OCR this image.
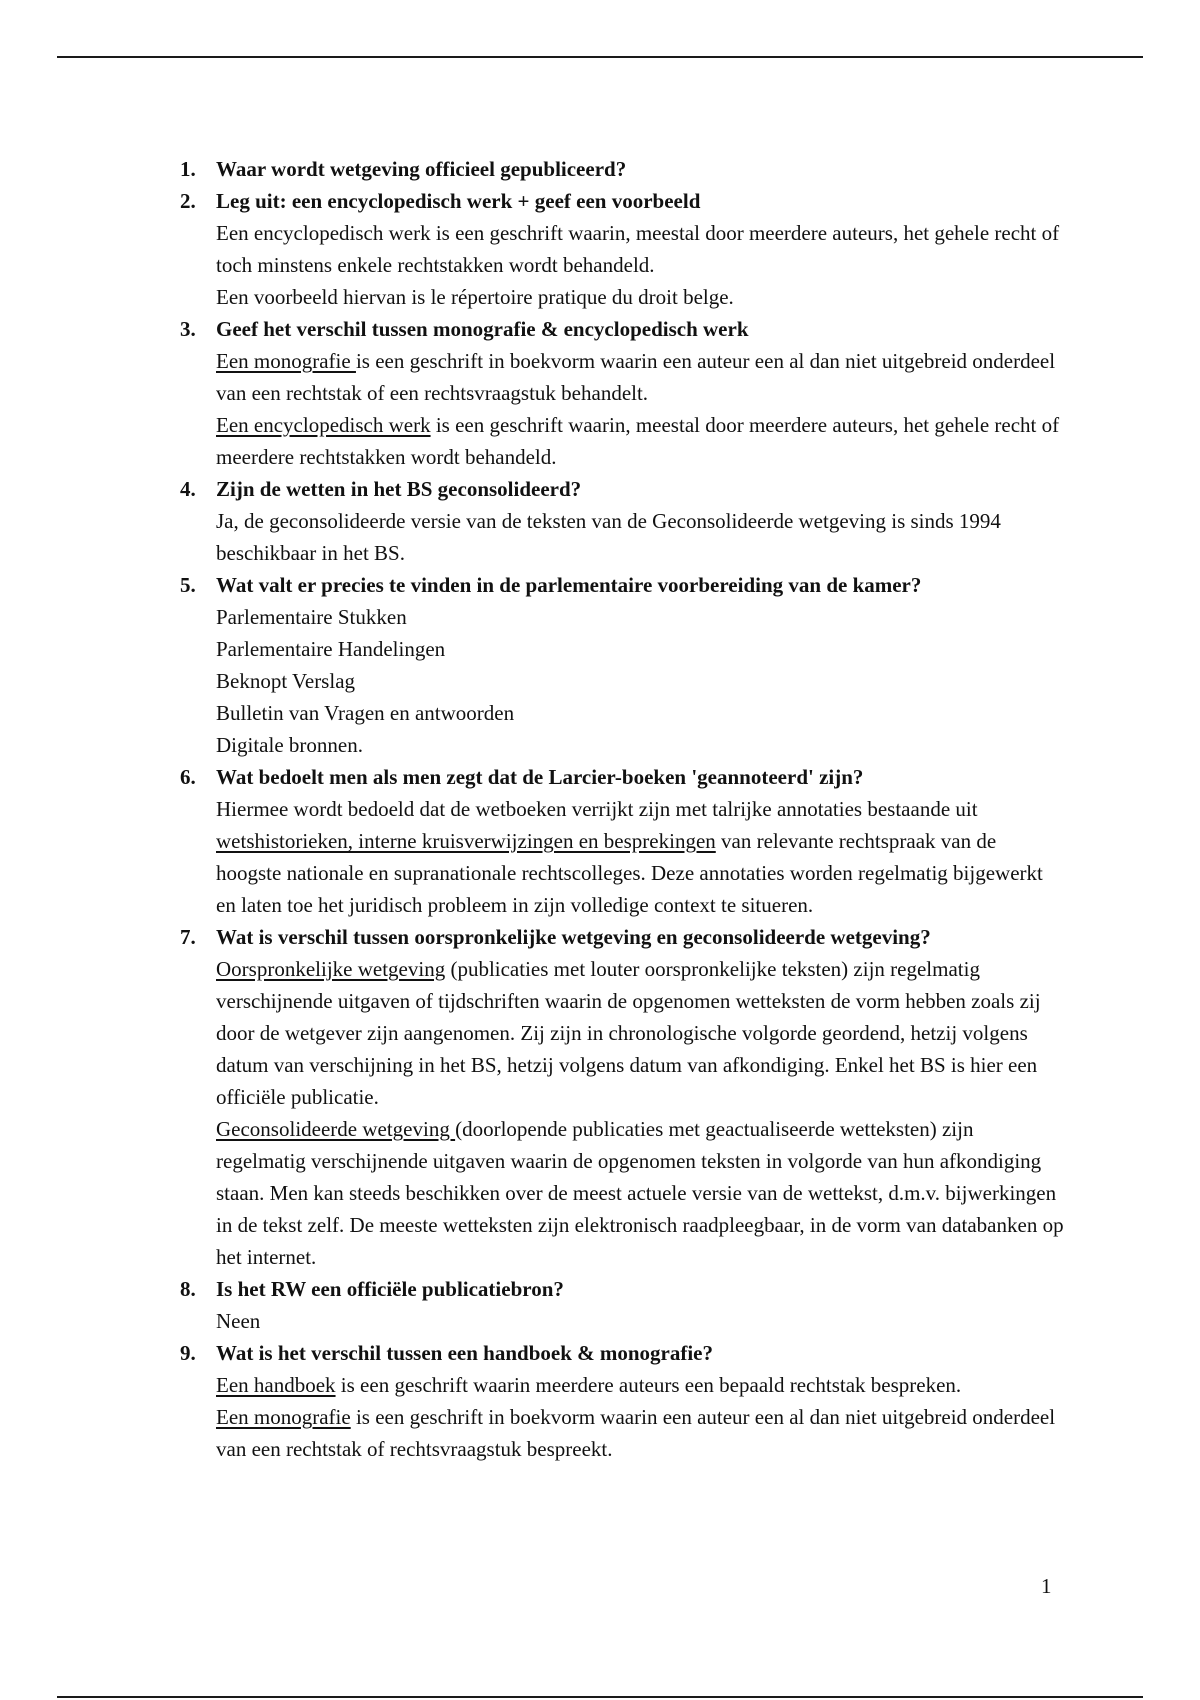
1. Waar wordt wetgeving officieel gepubliceerd?
2. Leg uit: een encyclopedisch werk + geef een voorbeeld

Een encyclopedisch werk is een geschrift waarin, meestal door meerdere auteurs, het gehele recht of toch minstens enkele rechtstakken wordt behandeld.

Een voorbeeld hiervan is le répertoire pratique du droit belge.

3. Geef het verschil tussen monografie & encyclopedisch werk

Een monografie is een geschrift in boekvorm waarin een auteur een al dan niet uitgebreid onderdeel van een rechtstak of een rechtsvraagstuk behandelt.

Een encyclopedisch werk is een geschrift waarin, meestal door meerdere auteurs, het gehele recht of meerdere rechtstakken wordt behandeld.

4. Zijn de wetten in het BS geconsolideerd?

Ja, de geconsolideerde versie van de teksten van de Geconsolideerde wetgeving is sinds 1994 beschikbaar in het BS.

5. Wat valt er precies te vinden in de parlementaire voorbereiding van de kamer?

Parlementaire Stukken

Parlementaire Handelingen

Beknopt Verslag

Bulletin van Vragen en antwoorden

Digitale bronnen.

6. Wat bedoelt men als men zegt dat de Larcier-boeken 'geannoteerd' zijn?

Hiermee wordt bedoeld dat de wetboeken verrijkt zijn met talrijke annotaties bestaande uit wetshistorieken, interne kruisverwijzingen en besprekingen van relevante rechtspraak van de hoogste nationale en supranationale rechtscolleges. Deze annotaties worden regelmatig bijgewerkt en laten toe het juridisch probleem in zijn volledige context te situeren.

7. Wat is verschil tussen oorspronkelijke wetgeving en geconsolideerde wetgeving?

Oorspronkelijke wetgeving (publicaties met louter oorspronkelijke teksten) zijn regelmatig verschijnende uitgaven of tijdschriften waarin de opgenomen wetteksten de vorm hebben zoals zij door de wetgever zijn aangenomen. Zij zijn in chronologische volgorde geordend, hetzij volgens datum van verschijning in het BS, hetzij volgens datum van afkondiging. Enkel het BS is hier een officiële publicatie.

Geconsolideerde wetgeving (doorlopende publicaties met geactualiseerde wetteksten) zijn regelmatig verschijnende uitgaven waarin de opgenomen teksten in volgorde van hun afkondiging staan. Men kan steeds beschikken over de meest actuele versie van de wettekst, d.m.v. bijwerkingen in de tekst zelf. De meeste wetteksten zijn elektronisch raadpleegbaar, in de vorm van databanken op het internet.

8. Is het RW een officiële publicatiebron?

Neen

9. Wat is het verschil tussen een handboek & monografie?

Een handboek is een geschrift waarin meerdere auteurs een bepaald rechtstak bespreken.

Een monografie is een geschrift in boekvorm waarin een auteur een al dan niet uitgebreid onderdeel van een rechtstak of rechtsvraagstuk bespreekt.

1
